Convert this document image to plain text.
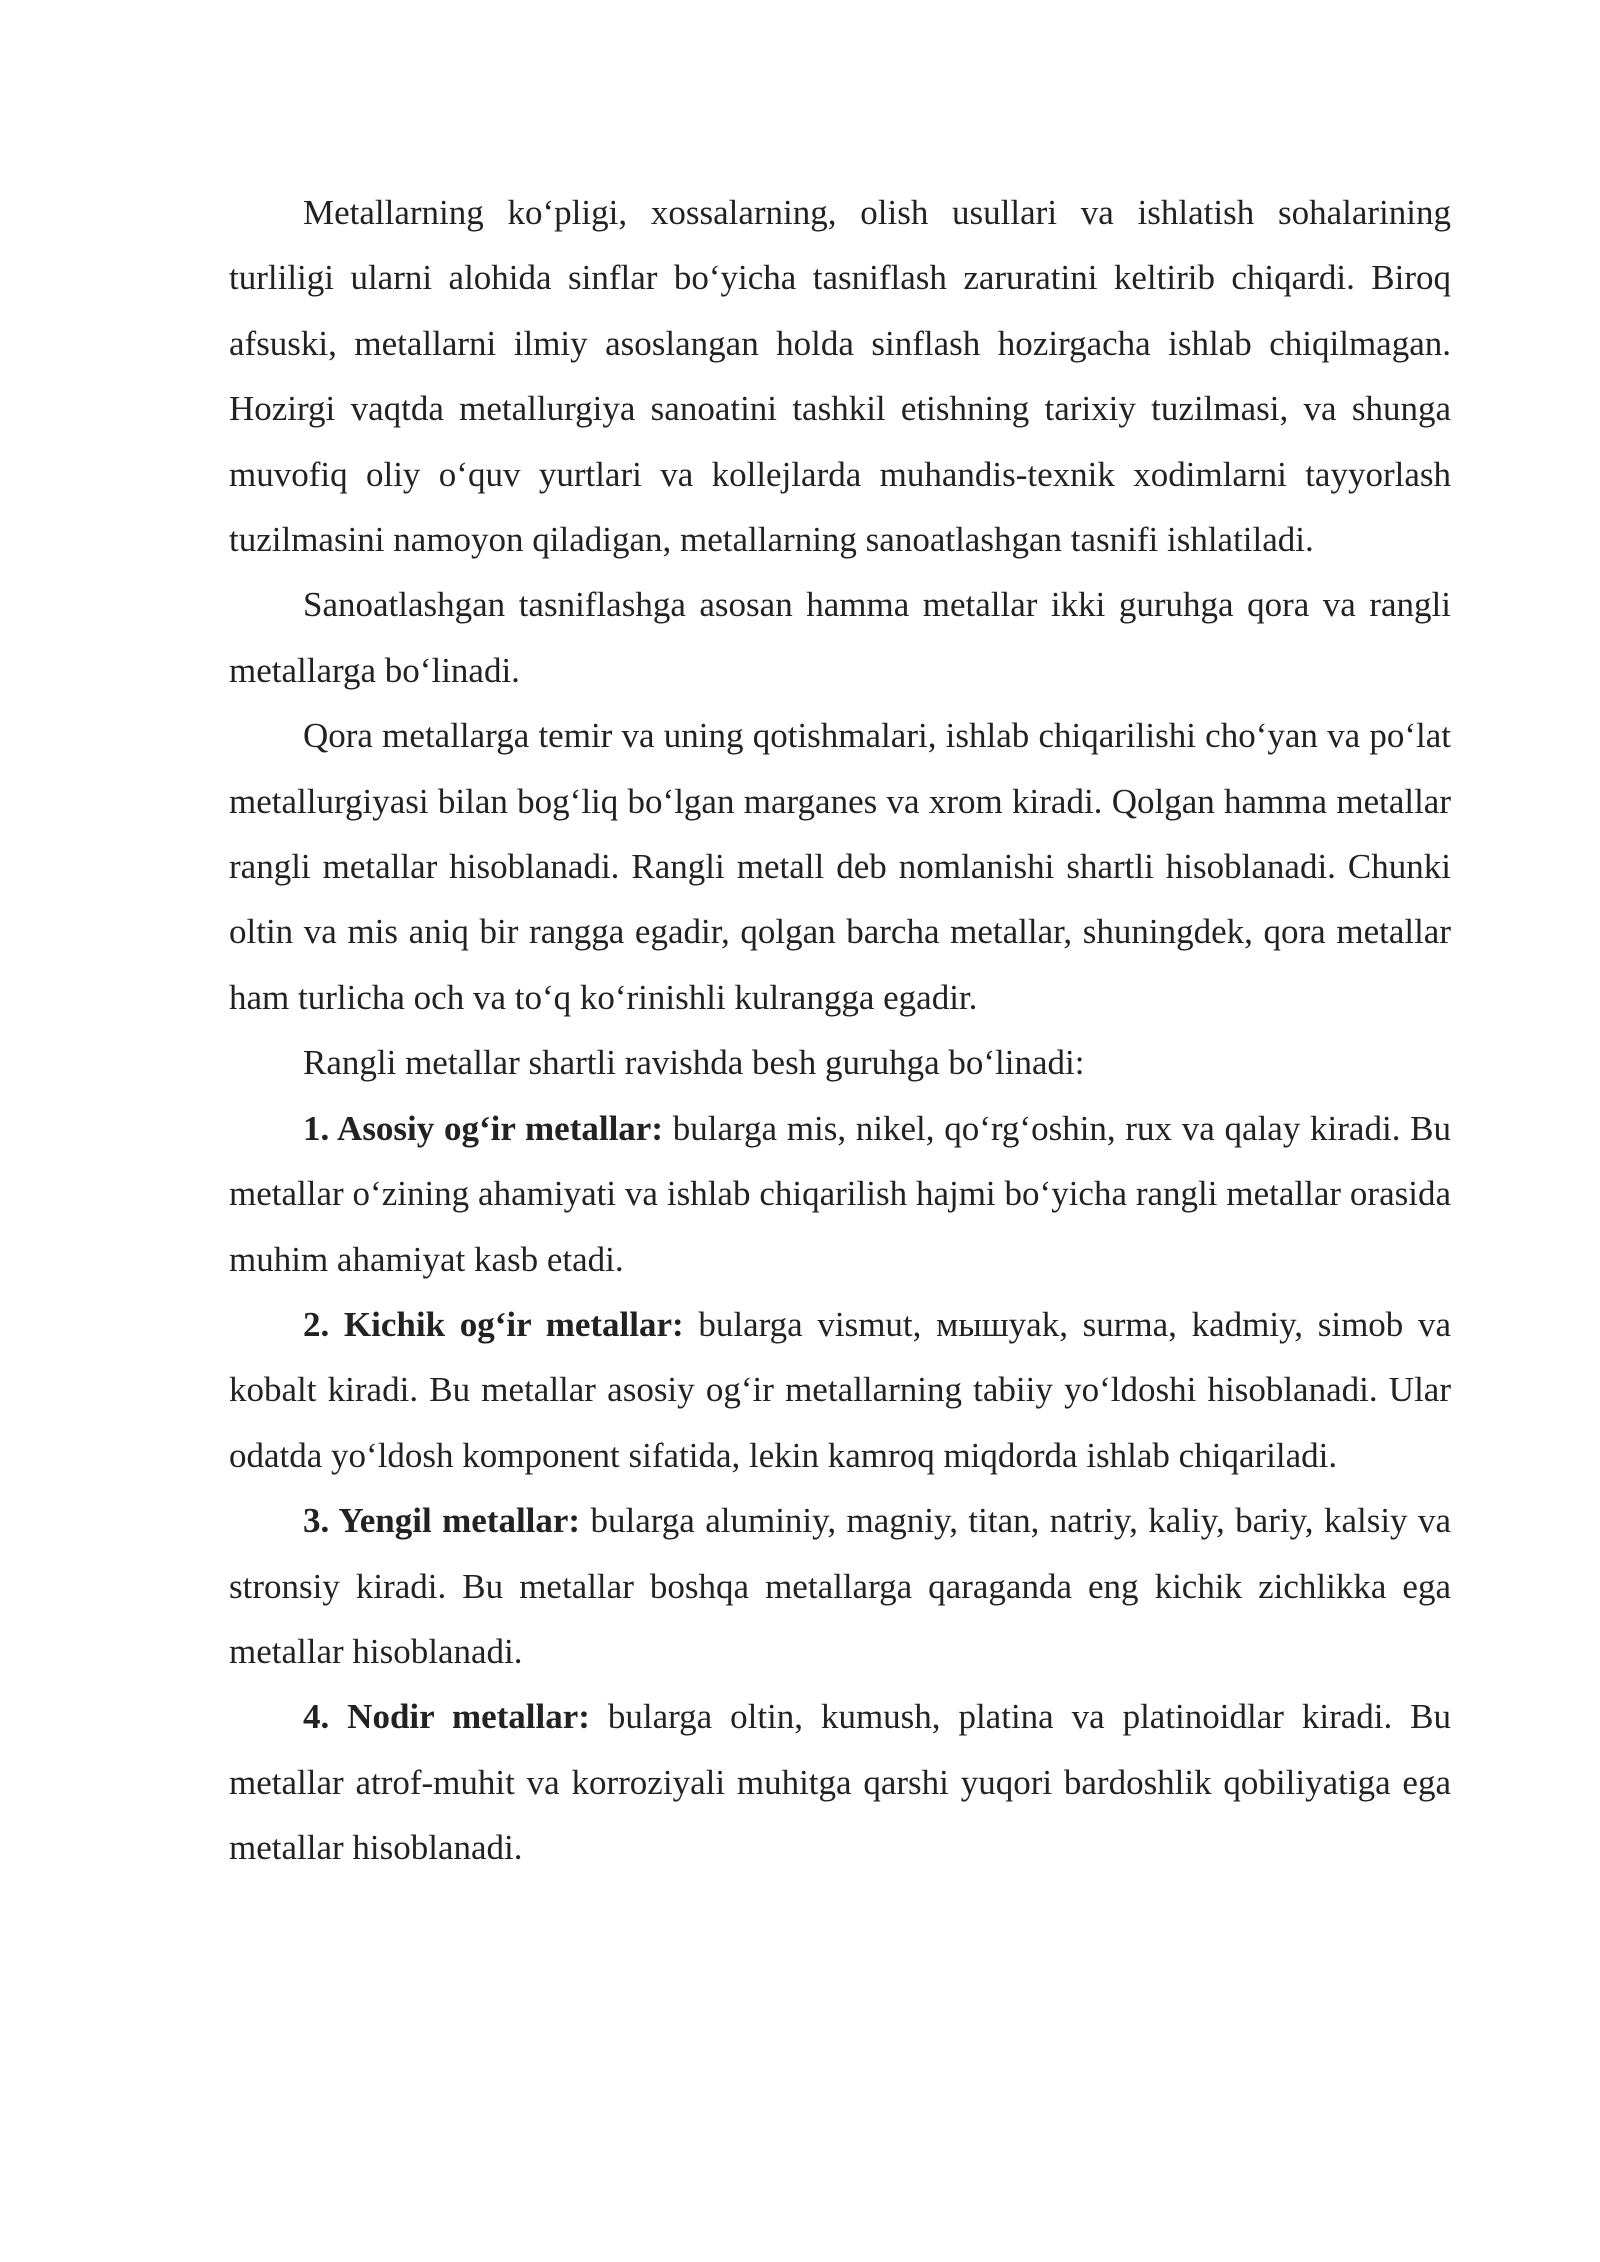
Metallarning ko‘pligi, xossalarning, olish usullari va ishlatish sohalarining turliligi ularni alohida sinflar bo‘yicha tasniflash zaruratini keltirib chiqardi. Biroq afsuski, metallarni ilmiy asoslangan holda sinflash hozirgacha ishlab chiqilmagan. Hozirgi vaqtda metallurgiya sanoatini tashkil etishning tarixiy tuzilmasi, va shunga muvofiq oliy o‘quv yurtlari va kollejlarda muhandis-texnik xodimlarni tayyorlash tuzilmasini namoyon qiladigan, metallarning sanoatlashgan tasnifi ishlatiladi.

Sanoatlashgan tasniflashga asosan hamma metallar ikki guruhga qora va rangli metallarga bo‘linadi.

Qora metallarga temir va uning qotishmalari, ishlab chiqarilishi cho‘yan va po‘lat metallurgiyasi bilan bog‘liq bo‘lgan marganes va xrom kiradi. Qolgan hamma metallar rangli metallar hisoblanadi. Rangli metall deb nomlanishi shartli hisoblanadi. Chunki oltin va mis aniq bir rangga egadir, qolgan barcha metallar, shuningdek, qora metallar ham turlicha och va to‘q ko‘rinishli kulrangga egadir.

Rangli metallar shartli ravishda besh guruhga bo‘linadi:

1. Asosiy og‘ir metallar: bularga mis, nikel, qo‘rg‘oshin, rux va qalay kiradi. Bu metallar o‘zining ahamiyati va ishlab chiqarilish hajmi bo‘yicha rangli metallar orasida muhim ahamiyat kasb etadi.

2. Kichik og‘ir metallar: bularga vismut, мышyak, surma, kadmiy, simob va kobalt kiradi. Bu metallar asosiy og‘ir metallarning tabiiy yo‘ldoshi hisoblanadi. Ular odatda yo‘ldosh komponent sifatida, lekin kamroq miqdorda ishlab chiqariladi.

3. Yengil metallar: bularga aluminiy, magniy, titan, natriy, kaliy, bariy, kalsiy va stronsiy kiradi. Bu metallar boshqa metallarga qaraganda eng kichik zichlikka ega metallar hisoblanadi.

4. Nodir metallar: bularga oltin, kumush, platina va platinoidlar kiradi. Bu metallar atrof-muhit va korroziyali muhitga qarshi yuqori bardoshlik qobiliyatiga ega metallar hisoblanadi.
